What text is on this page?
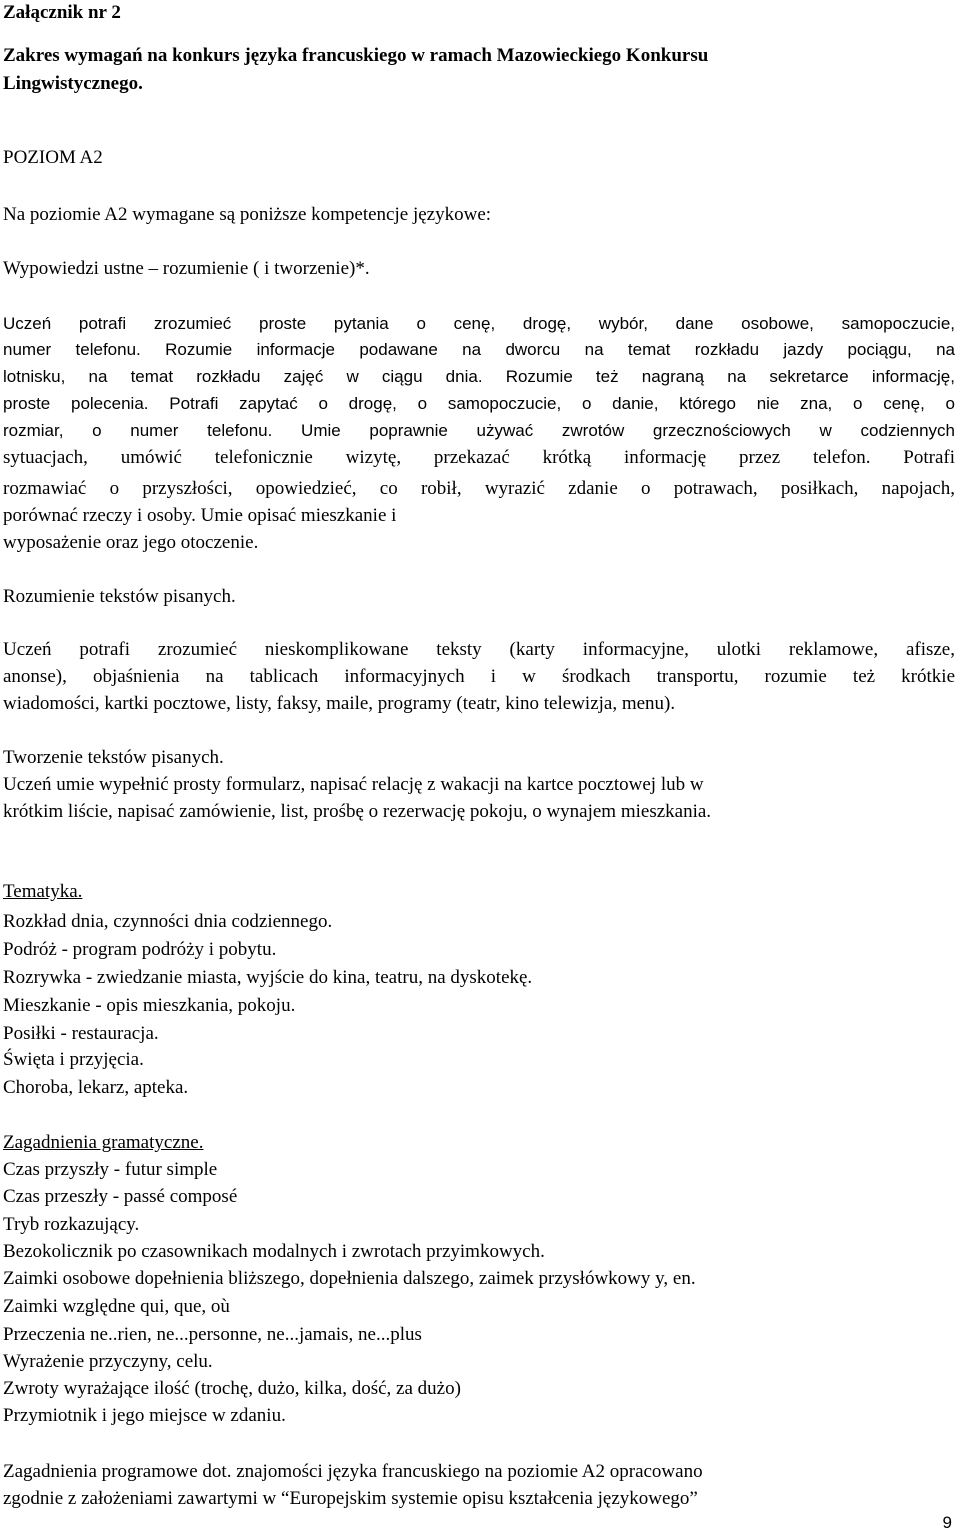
Załącznik nr 2
Zakres wymagań na konkurs języka francuskiego w ramach Mazowieckiego Konkursu
Lingwistycznego.
POZIOM A2
Na poziomie A2 wymagane są poniższe kompetencje językowe:
Wypowiedzi ustne – rozumienie ( i tworzenie)*.
Uczeń potrafi zrozumieć proste pytania o cenę, drogę, wybór, dane osobowe, samopoczucie,
numer telefonu. Rozumie informacje podawane na dworcu na temat rozkładu jazdy pociągu, na
lotnisku, na temat rozkładu zajęć w ciągu dnia. Rozumie też nagraną na sekretarce informację,
proste polecenia. Potrafi zapytać o drogę, o samopoczucie, o danie, którego nie zna, o cenę, o
rozmiar, o numer telefonu. Umie poprawnie używać zwrotów grzecznościowych w codziennych
sytuacjach, umówić telefonicznie wizytę, przekazać krótką informację przez telefon. Potrafi
rozmawiać o przyszłości, opowiedzieć, co robił, wyrazić zdanie o potrawach, posiłkach, napojach,
porównać rzeczy i osoby. Umie opisać mieszkanie i
wyposażenie oraz jego otoczenie.
Rozumienie tekstów pisanych.
Uczeń potrafi zrozumieć nieskomplikowane teksty (karty informacyjne, ulotki reklamowe, afisze,
anonse), objaśnienia na tablicach informacyjnych i w środkach transportu, rozumie też krótkie
wiadomości, kartki pocztowe, listy, faksy, maile, programy (teatr, kino telewizja, menu).
Tworzenie tekstów pisanych.
Uczeń umie wypełnić prosty formularz, napisać relację z wakacji na kartce pocztowej lub w
krótkim liście, napisać zamówienie, list, prośbę o rezerwację pokoju, o wynajem mieszkania.
Tematyka.
Rozkład dnia, czynności dnia codziennego.
Podróż - program podróży i pobytu.
Rozrywka - zwiedzanie miasta, wyjście do kina, teatru, na dyskotekę.
Mieszkanie - opis mieszkania, pokoju.
Posiłki - restauracja.
Święta i przyjęcia.
Choroba, lekarz, apteka.
Zagadnienia gramatyczne.
Czas przyszły - futur simple
Czas przeszły - passé composé
Tryb rozkazujący.
Bezokolicznik po czasownikach modalnych i zwrotach przyimkowych.
Zaimki osobowe dopełnienia bliższego, dopełnienia dalszego, zaimek przysłówkowy y, en.
Zaimki względne qui, que, où
Przeczenia ne..rien, ne...personne, ne...jamais, ne...plus
Wyrażenie przyczyny, celu.
Zwroty wyrażające ilość (trochę, dużo, kilka, dość, za dużo)
Przymiotnik i jego miejsce w zdaniu.
Zagadnienia programowe dot. znajomości języka francuskiego na poziomie A2 opracowano
zgodnie z założeniami zawartymi w “Europejskim systemie opisu kształcenia językowego”
9
